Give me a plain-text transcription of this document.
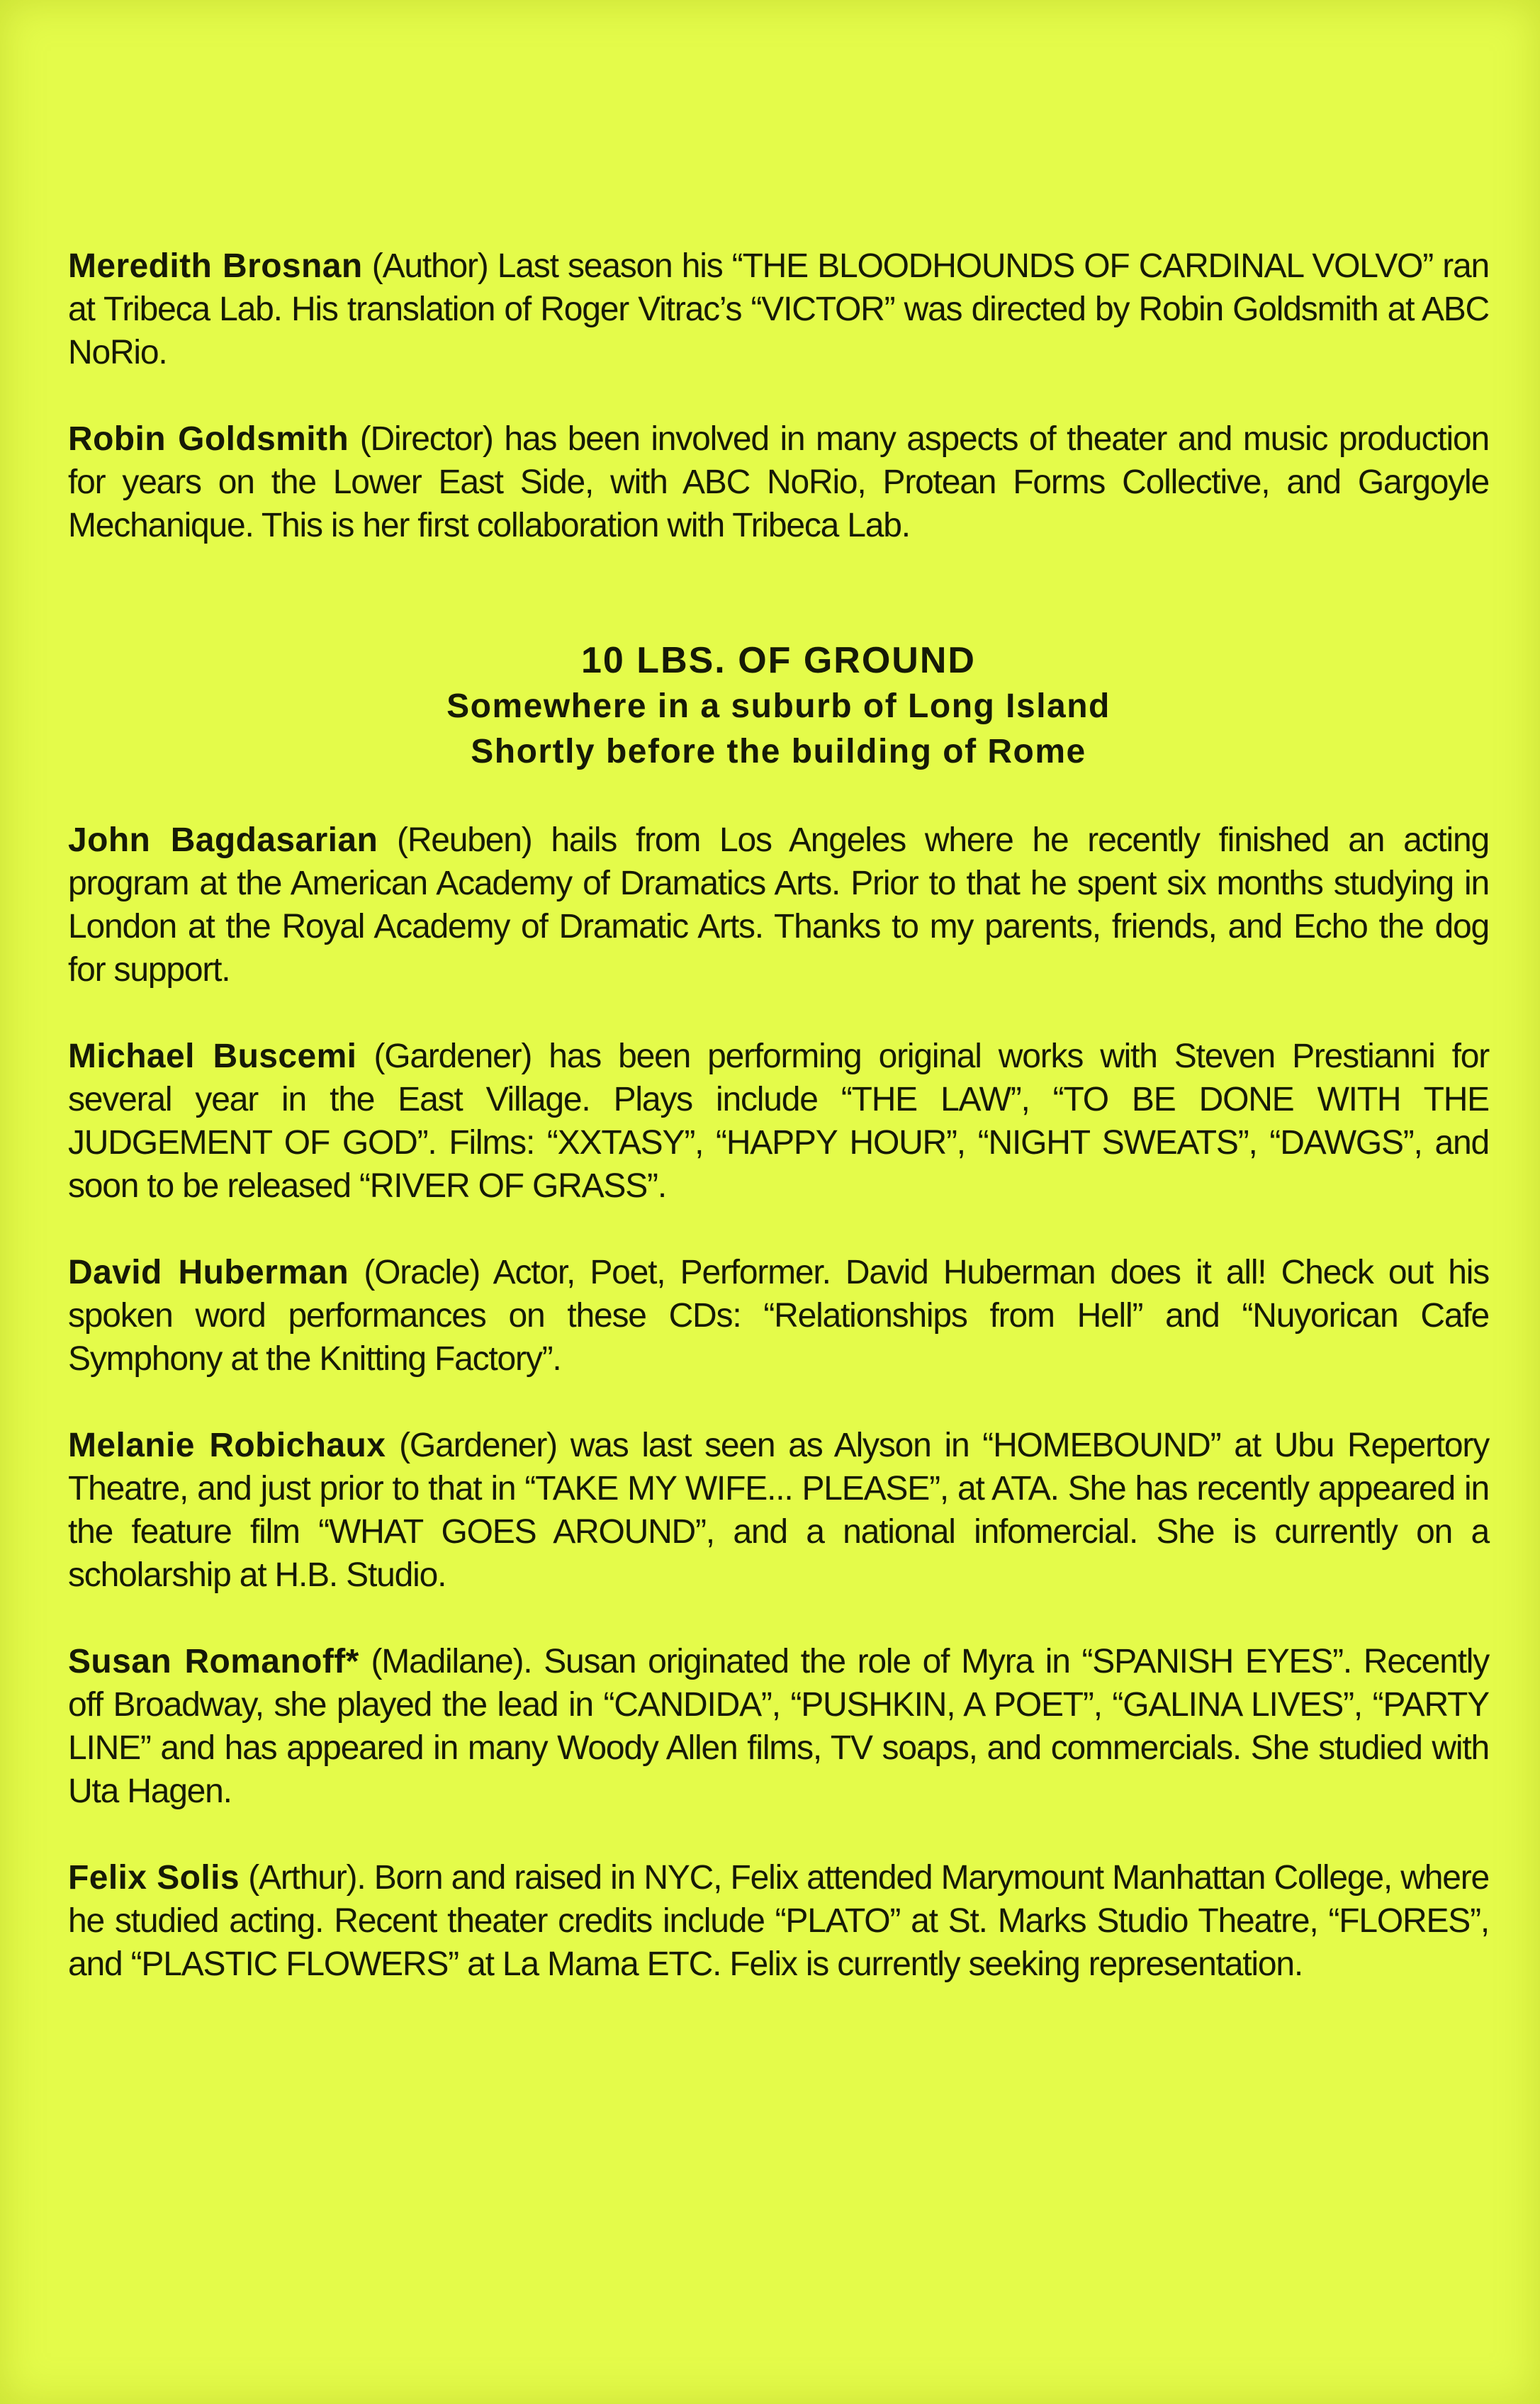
Meredith Brosnan (Author) Last season his “THE BLOODHOUNDS OF CARDINAL VOLVO” ran at Tribeca Lab. His translation of Roger Vitrac’s “VICTOR” was directed by Robin Goldsmith at ABC NoRio.

Robin Goldsmith (Director) has been involved in many aspects of theater and music production for years on the Lower East Side, with ABC NoRio, Protean Forms Collective, and Gargoyle Mechanique. This is her first collaboration with Tribeca Lab.

10 LBS. OF GROUND
Somewhere in a suburb of Long Island
Shortly before the building of Rome

John Bagdasarian (Reuben) hails from Los Angeles where he recently finished an acting program at the American Academy of Dramatics Arts. Prior to that he spent six months studying in London at the Royal Academy of Dramatic Arts. Thanks to my parents, friends, and Echo the dog for support.

Michael Buscemi (Gardener) has been performing original works with Steven Prestianni for several year in the East Village. Plays include “THE LAW”, “TO BE DONE WITH THE JUDGEMENT OF GOD”. Films: “XXTASY”, “HAPPY HOUR”, “NIGHT SWEATS”, “DAWGS”, and soon to be released “RIVER OF GRASS”.

David Huberman (Oracle) Actor, Poet, Performer. David Huberman does it all! Check out his spoken word performances on these CDs: “Relationships from Hell” and “Nuyorican Cafe Symphony at the Knitting Factory”.

Melanie Robichaux (Gardener) was last seen as Alyson in “HOMEBOUND” at Ubu Repertory Theatre, and just prior to that in “TAKE MY WIFE... PLEASE”, at ATA. She has recently appeared in the feature film “WHAT GOES AROUND”, and a national infomercial. She is currently on a scholarship at H.B. Studio.

Susan Romanoff* (Madilane). Susan originated the role of Myra in “SPANISH EYES”. Recently off Broadway, she played the lead in “CANDIDA”, “PUSHKIN, A POET”, “GALINA LIVES”, “PARTY LINE” and has appeared in many Woody Allen films, TV soaps, and commercials. She studied with Uta Hagen.

Felix Solis (Arthur). Born and raised in NYC, Felix attended Marymount Manhattan College, where he studied acting. Recent theater credits include “PLATO” at St. Marks Studio Theatre, “FLORES”, and “PLASTIC FLOWERS” at La Mama ETC. Felix is currently seeking representation.
